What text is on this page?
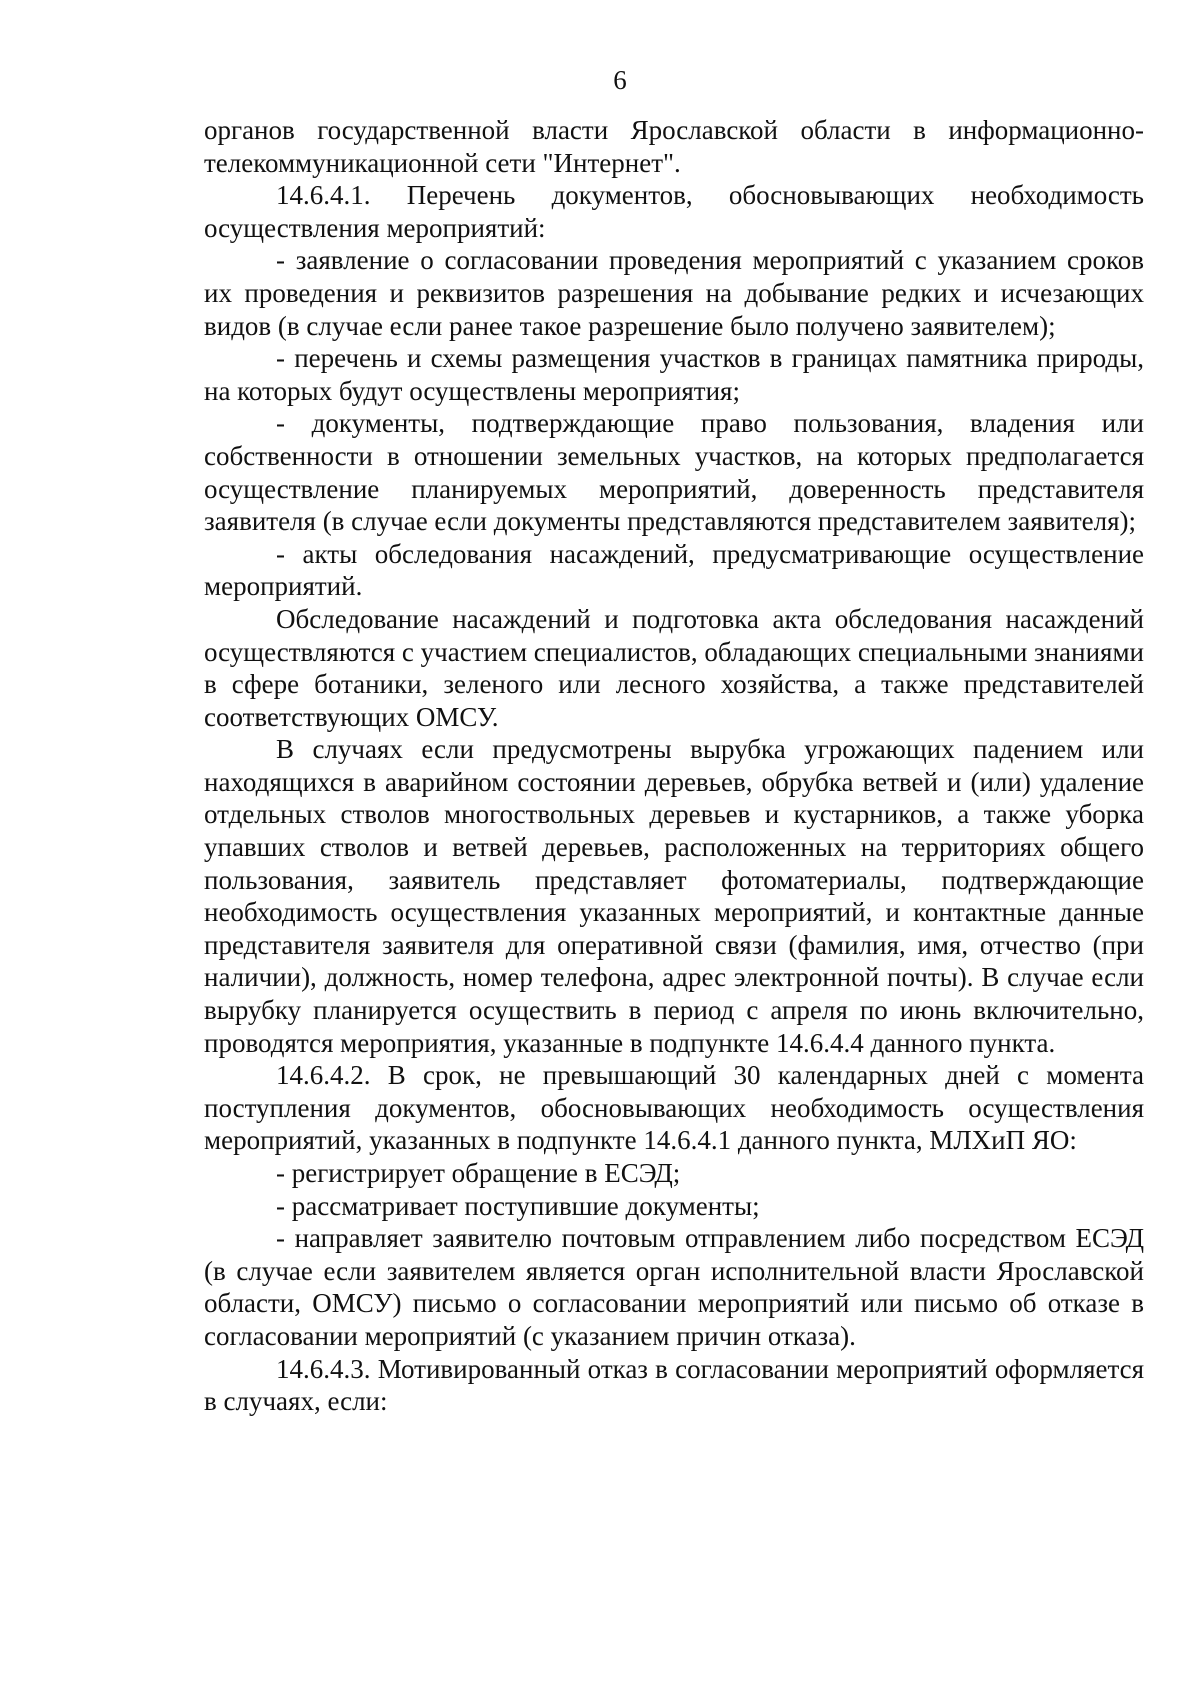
6

органов государственной власти Ярославской области в информационно-телекоммуникационной сети "Интернет".

14.6.4.1. Перечень документов, обосновывающих необходимость осуществления мероприятий:

- заявление о согласовании проведения мероприятий с указанием сроков их проведения и реквизитов разрешения на добывание редких и исчезающих видов (в случае если ранее такое разрешение было получено заявителем);

- перечень и схемы размещения участков в границах памятника природы, на которых будут осуществлены мероприятия;

- документы, подтверждающие право пользования, владения или собственности в отношении земельных участков, на которых предполагается осуществление планируемых мероприятий, доверенность представителя заявителя (в случае если документы представляются представителем заявителя);

- акты обследования насаждений, предусматривающие осуществление мероприятий.

Обследование насаждений и подготовка акта обследования насаждений осуществляются с участием специалистов, обладающих специальными знаниями в сфере ботаники, зеленого или лесного хозяйства, а также представителей соответствующих ОМСУ.

В случаях если предусмотрены вырубка угрожающих падением или находящихся в аварийном состоянии деревьев, обрубка ветвей и (или) удаление отдельных стволов многоствольных деревьев и кустарников, а также уборка упавших стволов и ветвей деревьев, расположенных на территориях общего пользования, заявитель представляет фотоматериалы, подтверждающие необходимость осуществления указанных мероприятий, и контактные данные представителя заявителя для оперативной связи (фамилия, имя, отчество (при наличии), должность, номер телефона, адрес электронной почты). В случае если вырубку планируется осуществить в период с апреля по июнь включительно, проводятся мероприятия, указанные в подпункте 14.6.4.4 данного пункта.

14.6.4.2. В срок, не превышающий 30 календарных дней с момента поступления документов, обосновывающих необходимость осуществления мероприятий, указанных в подпункте 14.6.4.1 данного пункта, МЛХиП ЯО:

- регистрирует обращение в ЕСЭД;

- рассматривает поступившие документы;

- направляет заявителю почтовым отправлением либо посредством ЕСЭД (в случае если заявителем является орган исполнительной власти Ярославской области, ОМСУ) письмо о согласовании мероприятий или письмо об отказе в согласовании мероприятий (с указанием причин отказа).

14.6.4.3. Мотивированный отказ в согласовании мероприятий оформляется в случаях, если:
